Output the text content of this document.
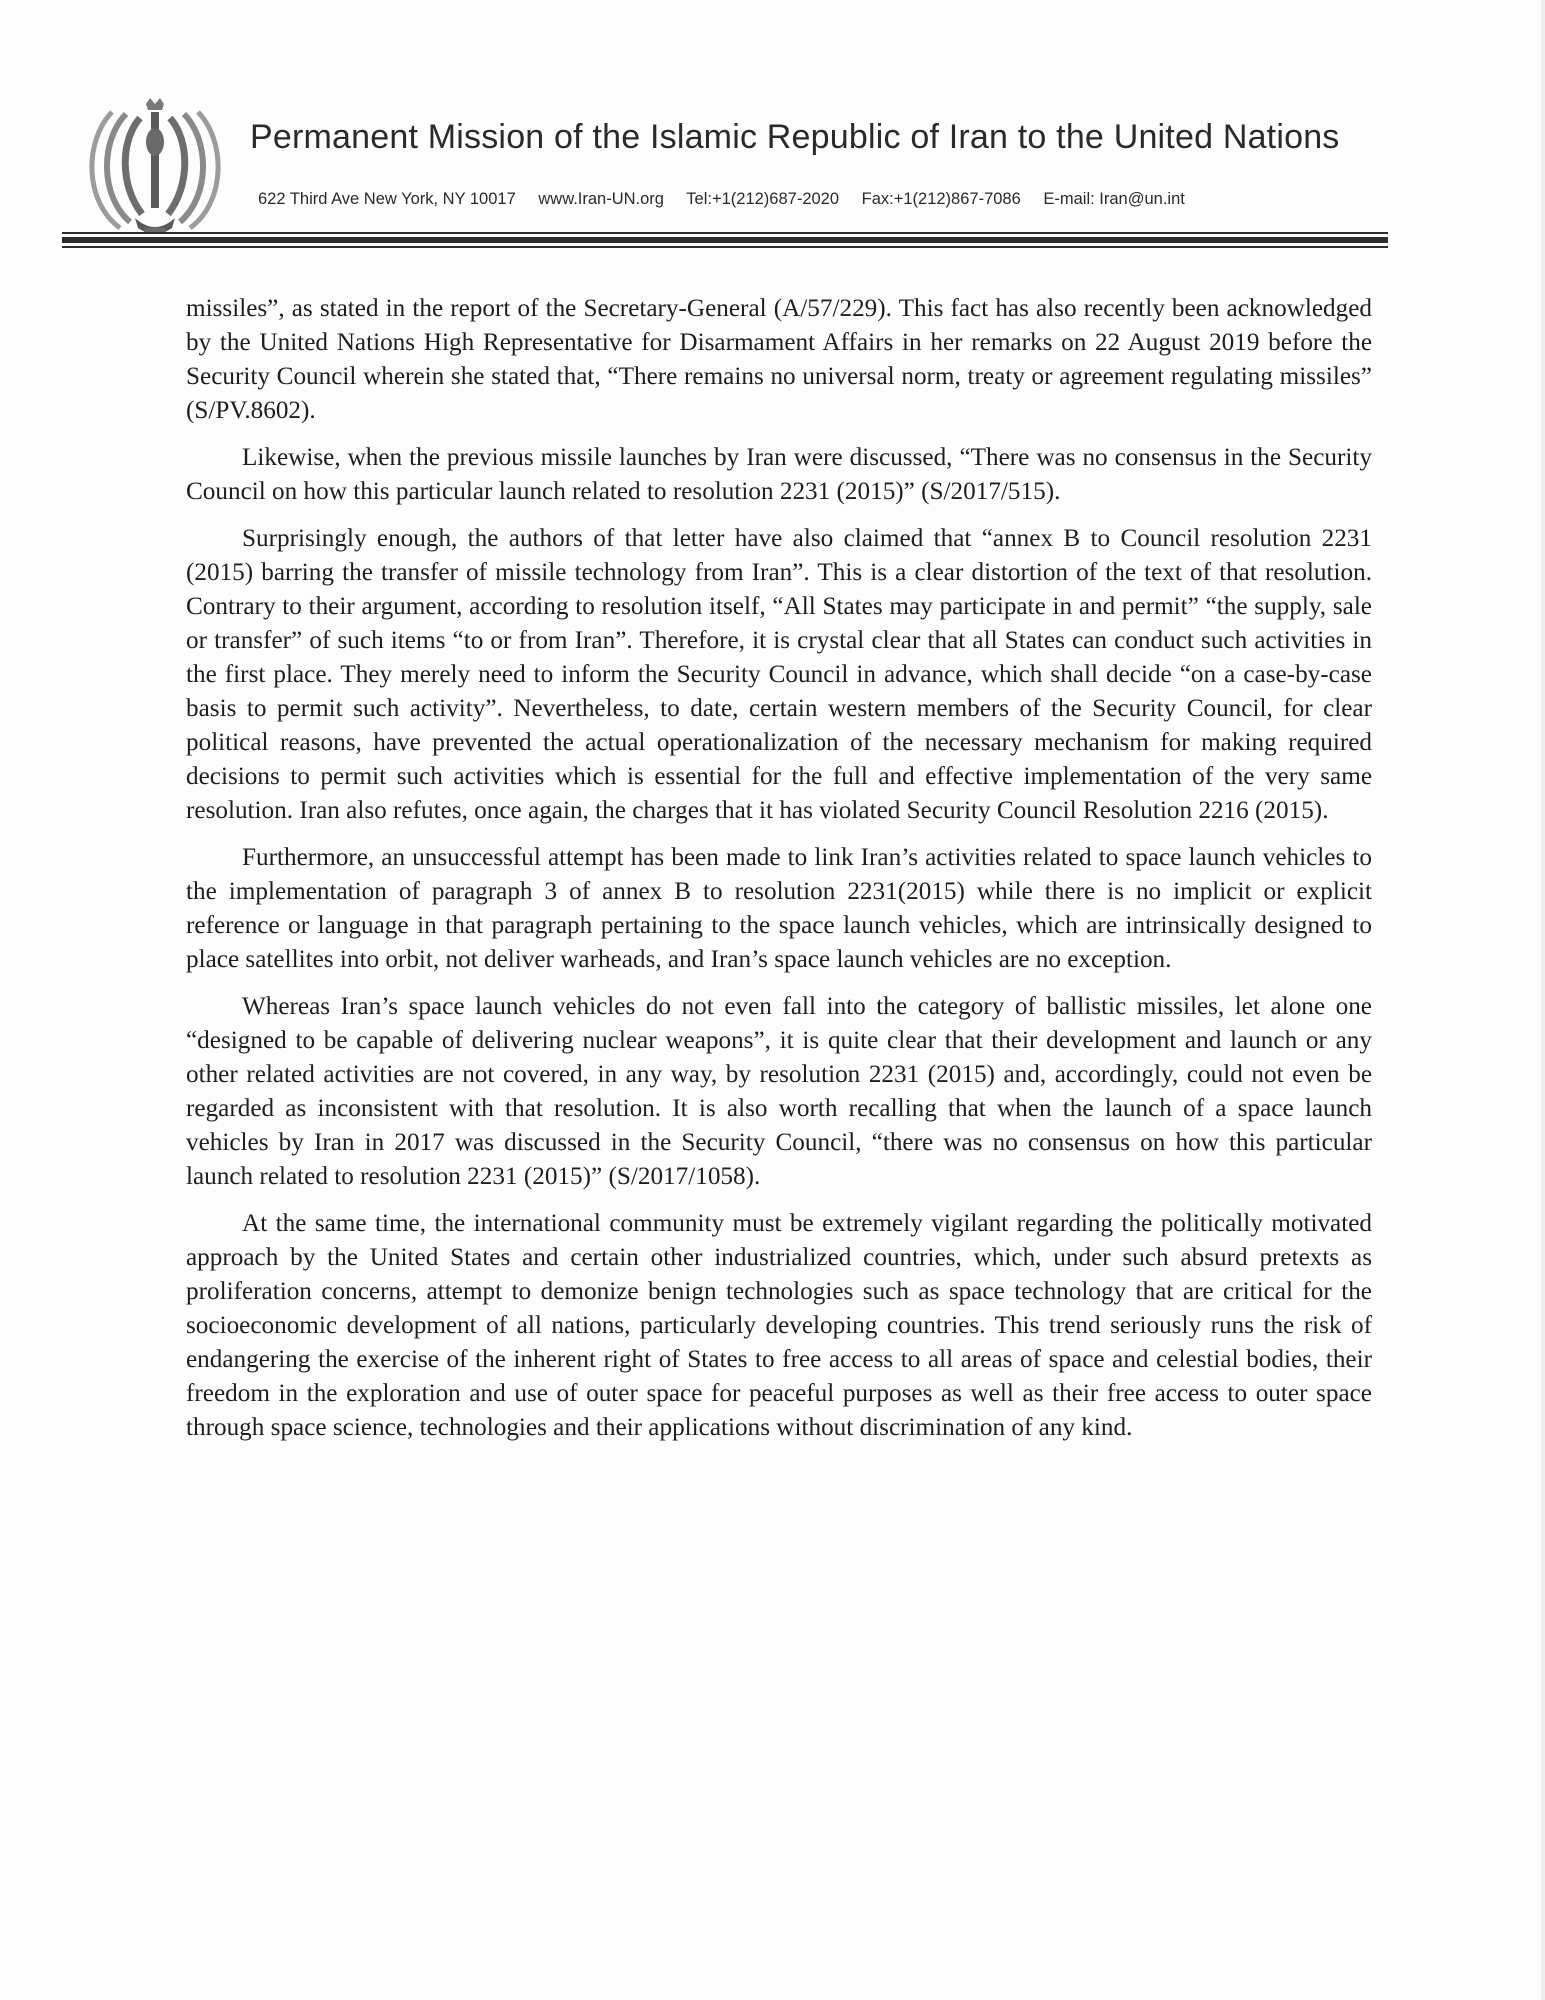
Permanent Mission of the Islamic Republic of Iran to the United Nations
622 Third Ave New York, NY 10017 www.Iran-UN.org Tel:+1(212)687-2020 Fax:+1(212)867-7086 E-mail: Iran@un.int

missiles”, as stated in the report of the Secretary-General (A/57/229). This fact has also recently been acknowledged by the United Nations High Representative for Disarmament Affairs in her remarks on 22 August 2019 before the Security Council wherein she stated that, “There remains no universal norm, treaty or agreement regulating missiles” (S/PV.8602).

Likewise, when the previous missile launches by Iran were discussed, “There was no consensus in the Security Council on how this particular launch related to resolution 2231 (2015)” (S/2017/515).

Surprisingly enough, the authors of that letter have also claimed that “annex B to Council resolution 2231 (2015) barring the transfer of missile technology from Iran”. This is a clear distortion of the text of that resolution. Contrary to their argument, according to resolution itself, “All States may participate in and permit” “the supply, sale or transfer” of such items “to or from Iran”. Therefore, it is crystal clear that all States can conduct such activities in the first place. They merely need to inform the Security Council in advance, which shall decide “on a case-by-case basis to permit such activity”. Nevertheless, to date, certain western members of the Security Council, for clear political reasons, have prevented the actual operationalization of the necessary mechanism for making required decisions to permit such activities which is essential for the full and effective implementation of the very same resolution. Iran also refutes, once again, the charges that it has violated Security Council Resolution 2216 (2015).

Furthermore, an unsuccessful attempt has been made to link Iran’s activities related to space launch vehicles to the implementation of paragraph 3 of annex B to resolution 2231(2015) while there is no implicit or explicit reference or language in that paragraph pertaining to the space launch vehicles, which are intrinsically designed to place satellites into orbit, not deliver warheads, and Iran’s space launch vehicles are no exception.

Whereas Iran’s space launch vehicles do not even fall into the category of ballistic missiles, let alone one “designed to be capable of delivering nuclear weapons”, it is quite clear that their development and launch or any other related activities are not covered, in any way, by resolution 2231 (2015) and, accordingly, could not even be regarded as inconsistent with that resolution. It is also worth recalling that when the launch of a space launch vehicles by Iran in 2017 was discussed in the Security Council, “there was no consensus on how this particular launch related to resolution 2231 (2015)” (S/2017/1058).

At the same time, the international community must be extremely vigilant regarding the politically motivated approach by the United States and certain other industrialized countries, which, under such absurd pretexts as proliferation concerns, attempt to demonize benign technologies such as space technology that are critical for the socioeconomic development of all nations, particularly developing countries. This trend seriously runs the risk of endangering the exercise of the inherent right of States to free access to all areas of space and celestial bodies, their freedom in the exploration and use of outer space for peaceful purposes as well as their free access to outer space through space science, technologies and their applications without discrimination of any kind.
